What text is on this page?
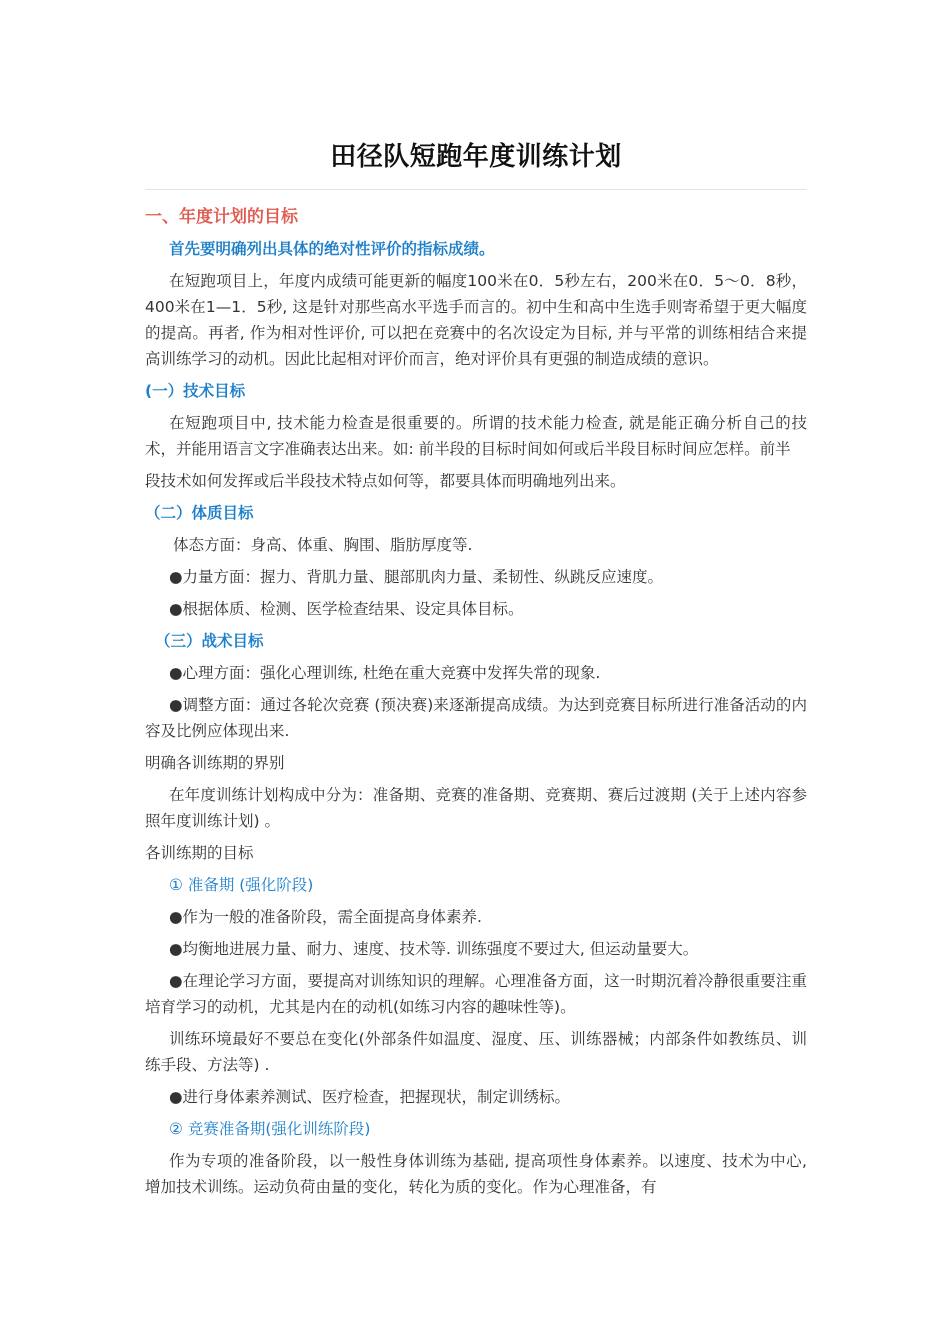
田径队短跑年度训练计划
一、年度计划的目标
首先要明确列出具体的绝对性评价的指标成绩。

在短跑项目上，年度内成绩可能更新的幅度100米在0．5秒左右，200米在0．5～0．8秒，400米在1—1．5秒, 这是针对那些高水平选手而言的。初中生和高中生选手则寄希望于更大幅度的提高。再者, 作为相对性评价, 可以把在竞赛中的名次设定为目标, 并与平常的训练相结合来提高训练学习的动机。因此比起相对评价而言，绝对评价具有更强的制造成绩的意识。

(一）技术目标

在短跑项目中, 技术能力检查是很重要的。所谓的技术能力检查, 就是能正确分析自己的技术，并能用语言文字准确表达出来。如: 前半段的目标时间如何或后半段目标时间应怎样。前半

段技术如何发挥或后半段技术特点如何等，都要具体而明确地列出来。

（二）体质目标

体态方面：身高、体重、胸围、脂肪厚度等.

●力量方面：握力、背肌力量、腿部肌肉力量、柔韧性、纵跳反应速度。

●根据体质、检测、医学检查结果、设定具体目标。

（三）战术目标

●心理方面：强化心理训练, 杜绝在重大竞赛中发挥失常的现象.

●调整方面：通过各轮次竞赛 (预决赛)来逐渐提高成绩。为达到竞赛目标所进行准备活动的内容及比例应体现出来.

明确各训练期的界别

在年度训练计划构成中分为：准备期、竞赛的准备期、竞赛期、赛后过渡期 (关于上述内容参照年度训练计划) 。

各训练期的目标

① 准备期 (强化阶段)

●作为一般的准备阶段，需全面提高身体素养.

●均衡地进展力量、耐力、速度、技术等. 训练强度不要过大, 但运动量要大。

●在理论学习方面，要提高对训练知识的理解。心理准备方面，这一时期沉着冷静很重要注重培育学习的动机，尤其是内在的动机(如练习内容的趣味性等)。

训练环境最好不要总在变化(外部条件如温度、湿度、压、训练器械；内部条件如教练员、训练手段、方法等) .

●进行身体素养测试、医疗检查，把握现状，制定训绣标。

② 竞赛准备期(强化训练阶段)

作为专项的准备阶段，以一般性身体训练为基础, 提高项性身体素养。以速度、技术为中心, 增加技术训练。运动负荷由量的变化，转化为质的变化。作为心理准备，有
